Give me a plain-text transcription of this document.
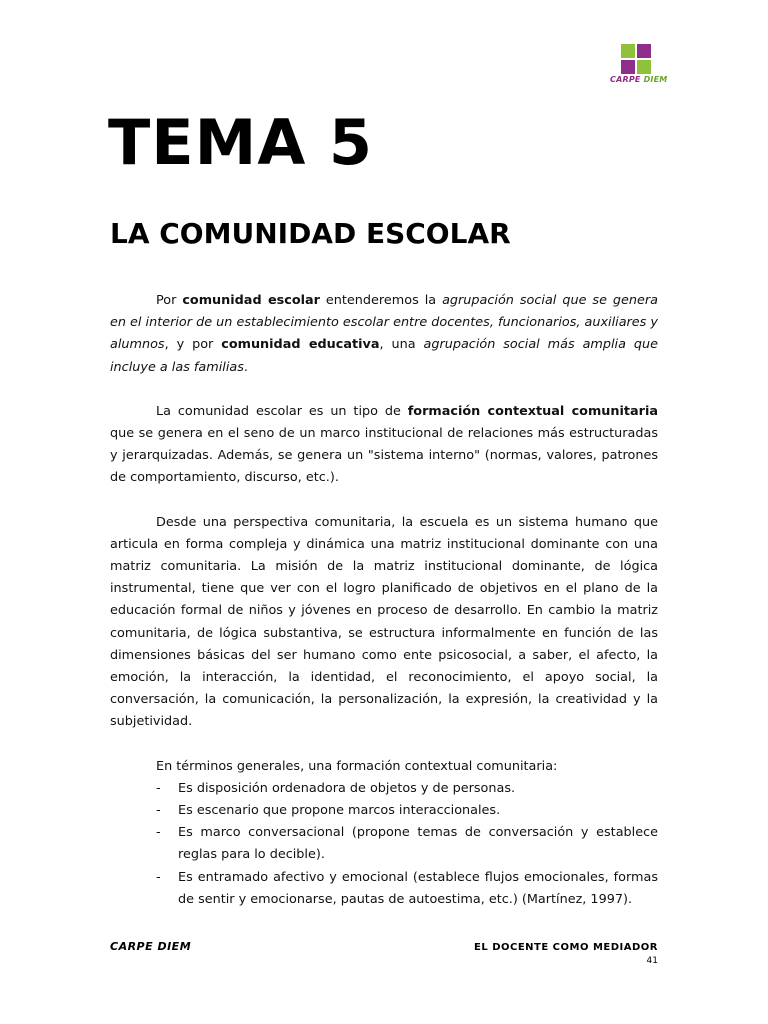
CARPE DIEM
TEMA 5
LA COMUNIDAD ESCOLAR

Por comunidad escolar entenderemos la agrupación social que se genera en el interior de un establecimiento escolar entre docentes, funcionarios, auxiliares y alumnos, y por comunidad educativa, una agrupación social más amplia que incluye a las familias.

La comunidad escolar es un tipo de formación contextual comunitaria que se genera en el seno de un marco institucional de relaciones más estructuradas y jerarquizadas. Además, se genera un "sistema interno" (normas, valores, patrones de comportamiento, discurso, etc.).

Desde una perspectiva comunitaria, la escuela es un sistema humano que articula en forma compleja y dinámica una matriz institucional dominante con una matriz comunitaria. La misión de la matriz institucional dominante, de lógica instrumental, tiene que ver con el logro planificado de objetivos en el plano de la educación formal de niños y jóvenes en proceso de desarrollo. En cambio la matriz comunitaria, de lógica substantiva, se estructura informalmente en función de las dimensiones básicas del ser humano como ente psicosocial, a saber, el afecto, la emoción, la interacción, la identidad, el reconocimiento, el apoyo social, la conversación, la comunicación, la personalización, la expresión, la creatividad y la subjetividad.

En términos generales, una formación contextual comunitaria:

- Es disposición ordenadora de objetos y de personas.
- Es escenario que propone marcos interaccionales.
- Es marco conversacional (propone temas de conversación y establece reglas para lo decible).
- Es entramado afectivo y emocional (establece flujos emocionales, formas de sentir y emocionarse, pautas de autoestima, etc.) (Martínez, 1997).
CARPE DIEM	EL DOCENTE COMO MEDIADOR
41
